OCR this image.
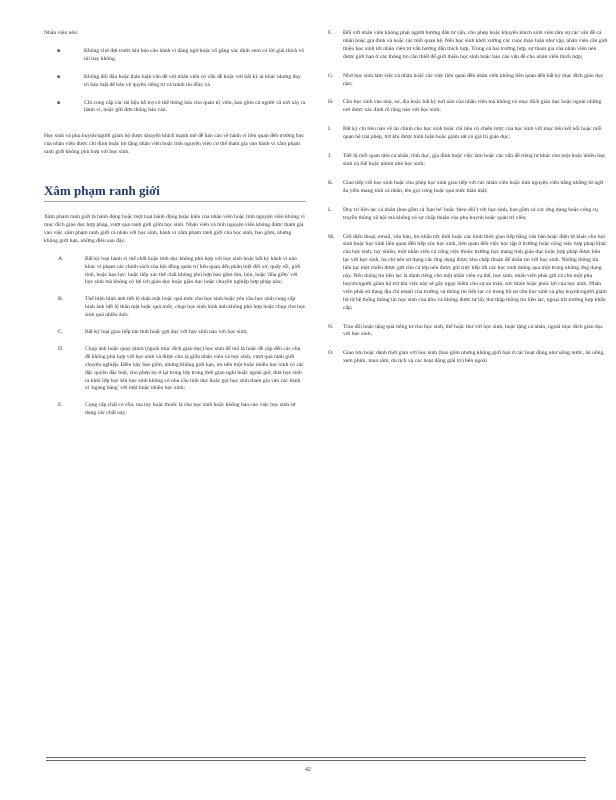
Nhân viên nên:

■	Không chờ đợi trước khi báo cáo hành vi đáng ngờ hoặc cố gắng xác định xem có lời giải thích vô tội hay không.
■	Không đối đầu hoặc thảo luận vấn đề với nhân viên có vấn đề hoặc với bất kỳ ai khác nhưng duy trì bảo mật để bảo vệ quyền riêng tư và tránh tin đồn; và
■	Chỉ cung cấp các tài liệu hỗ trợ có thể thông báo cho quản trị viên, bao gồm cả người và nơi xảy ra hành vi, hoặc gửi đơn thông báo cáo.

Học sinh và phụ huynh/người giám hộ được khuyến khích mạnh mẽ để báo cáo về hành vi liên quan đến trường học của nhân viên được chỉ định hoặc tin tặng nhân viên hoặc tình nguyện viên cơ thể tham gia vào hành vi xâm phạm ranh giới không phù hợp với học sinh.

Xâm phạm ranh giới

Xâm phạm ranh giới là hành động hoặc một loạt hành động hoặc kiện của nhân viên hoặc tình nguyện viên không vì mục đích giáo dục hợp pháp, vượt qua ranh giới giữa học sinh. Nhân viên và tình nguyện viên không được tham gia vào việc xâm phạm ranh giới cá nhân với học sinh, hành vi xâm phạm ranh giới của học sinh, bao gồm, nhưng không giới hạn, những điều sau đây:

A.	Bất kỳ loại hành vi thể chất hoặc tình dục không phù hợp với học sinh hoặc bất kỳ hành vi nào khác vi phạm các chính sách của hội đồng quản trị liên quan đến phân biệt đối xử, quấy rối, giới tính, hoặc bạo lực; hoặc tiếp xúc thể chất không phù hợp bao gồm ôm, hôn, hoặc 'đùa giỡn' với học sinh mà không có lợi ích giáo dục hoặc giáo dục hoặc chuyên nghiệp hợp pháp nào;
B.	Thể hiện hình ảnh tiết lộ thân mật hoặc quá mức cho học sinh hoặc yêu cầu học sinh cung cấp hình ảnh tiết lộ thân mật hoặc quá mức, chụp học sinh hình ảnh không phù hợp hoặc chụp cho học sinh quá nhiều ảnh;
C.	Bất kỳ loại giao tiếp tán tỉnh hoặc gợi dục với học sinh nào với học sinh;
D.	Chụp ảnh hoặc quay phim (ngoài mục đích giáo dục) học sinh để mô tả hoặc đề cập đến các chủ đề không phù hợp với học sinh và được cho là giữa nhân viên và học sinh, vượt qua ranh giới chuyên nghiệp. Điều này bao gồm, nhưng không giới hạn, ưu tiên một hoặc nhiều học sinh có các đặc quyền đặc biệt, cho phép họ ở lại trong lớp trong thời gian nghỉ hoặc ngoài giờ, đưa học sinh ra khỏi lớp học khi học sinh không có nhu cầu tình dục hoặc gọi học sinh tham gia vào các hành vi 'ngang hàng' với một hoặc nhiều học sinh;
E.	Cung cấp chất có cồn, ma túy hoặc thuốc lá cho học sinh hoặc không báo cáo việc học sinh sử dụng các chất này;
F.	Đối với nhân viên không phải người hướng dẫn tư vấn, cho phép hoặc khuyến khích sinh viên tâm sự các vấn đề cá nhân hoặc gia đình và hoặc các mối quan hệ. Nếu học sinh khởi xướng các cuộc thảo luận như vậy, nhân viên cần giới thiệu học sinh tới nhân viên tư vấn hướng dẫn thích hợp. Trong cả hai trường hợp, sự tham gia của nhân viên nên được giới hạn ở các thông tin cần thiết để giới thiệu học sinh hoặc báo cáo vấn đề cho nhân viên thích hợp;
G.	Nhờ học sinh làm việc cá nhân hoặc các việc liên quan đến nhân viên không liên quan đến bất kỳ mục đích giáo dục nào;
H.	Cho học sinh vào nhà, xe, địa hoặc bất kỳ nơi nào của nhân viên mà không có mục đích giáo dục hoặc ngoài những nơi được xác định rõ ràng nào với học sinh;
I.	Bất kỳ chi tiêu nào về tài chính cho học sinh hoặc chi tiêu có chiến lược của học sinh với mục tiêu kết nối hoặc mối quan hệ trái phép, trừ khi được bình luận hoặc giám sát có giá trị giáo dục;
J.	Tiết lộ mối quan tâm cá nhân, tình dục, gia đình hoặc việc làm hoặc các vấn đề riêng tư khác cho một hoặc nhiều học sinh cụ thể hoặc nhóm nhỏ học sinh;
K.	Giao tiếp với học sinh hoặc cho phép học sinh giao tiếp với các nhân viên hoặc tình nguyện viên bằng những từ ngữ ẩu yếm mang tính cá nhân, tên gọi cưng hoặc quá mức thân mật;
L.	Duy trì liên lạc cá nhân (bao gồm cả 'bạn bè' hoặc 'theo dõi') với học sinh, bao gồm cả các ứng dụng hoặc công cụ truyền thông xã hội mà không có sự chấp thuận của phụ huynh hoặc quản trị viên;
M.	Gửi điện thoại, email, văn bản, tin nhắn tức thời hoặc các hình thức giao tiếp bằng văn bản hoặc điện tử khác cho học sinh hoặc học sinh liên quan đến tiếp xúc học sinh, liên quan đến việc học tập ở trường hoặc công việc hợp pháp khác của học sinh; tuy nhiên, một nhân viên có công việc thuộc trường học mang tính giáo dục hoặc hợp pháp được liên lạc với học sinh, họ chỉ nên sử dụng các ứng dụng được khu chấp thuận để nhắn tin với học sinh. Những thông tin liên lạc một chiều được gửi cho cả lớp nên được gửi trực tiếp tới các học sinh thông qua một trong những ứng dụng này. Nếu thông tin liên lạc là dành riêng cho một nhân viên cụ thể, học sinh, nhân viên phải gửi cả cho một phụ huynh/người giám hộ trừ khi việc này sẽ gây nguy hiểm cho sự an toàn, sức khỏe hoặc phúc lợi của học sinh. Nhân viên phải sử dụng địa chỉ email của trường và thông tin liên lạc có trong hồ sơ cho học sinh và phụ huynh/người giám hộ từ hệ thống thông tin học sinh của khu và không được tự lấy thư thập thông tin liên lạc, ngoại trừ trường hợp khẩn cấp;
N.	Trao đổi hoặc tặng quà riêng tư cho học sinh, thể hoặc thư với học sinh, hoặc tặng cá nhân, ngoài mục đích giáo dục với học sinh;
O.	Giao lưu hoặc dành thời gian với học sinh (bao gồm nhưng không giới hạn ở các hoạt động như uống nước, ăn uống, xem phim, mua sắm, du lịch và các hoạt động giải trí) bên ngoài
42
